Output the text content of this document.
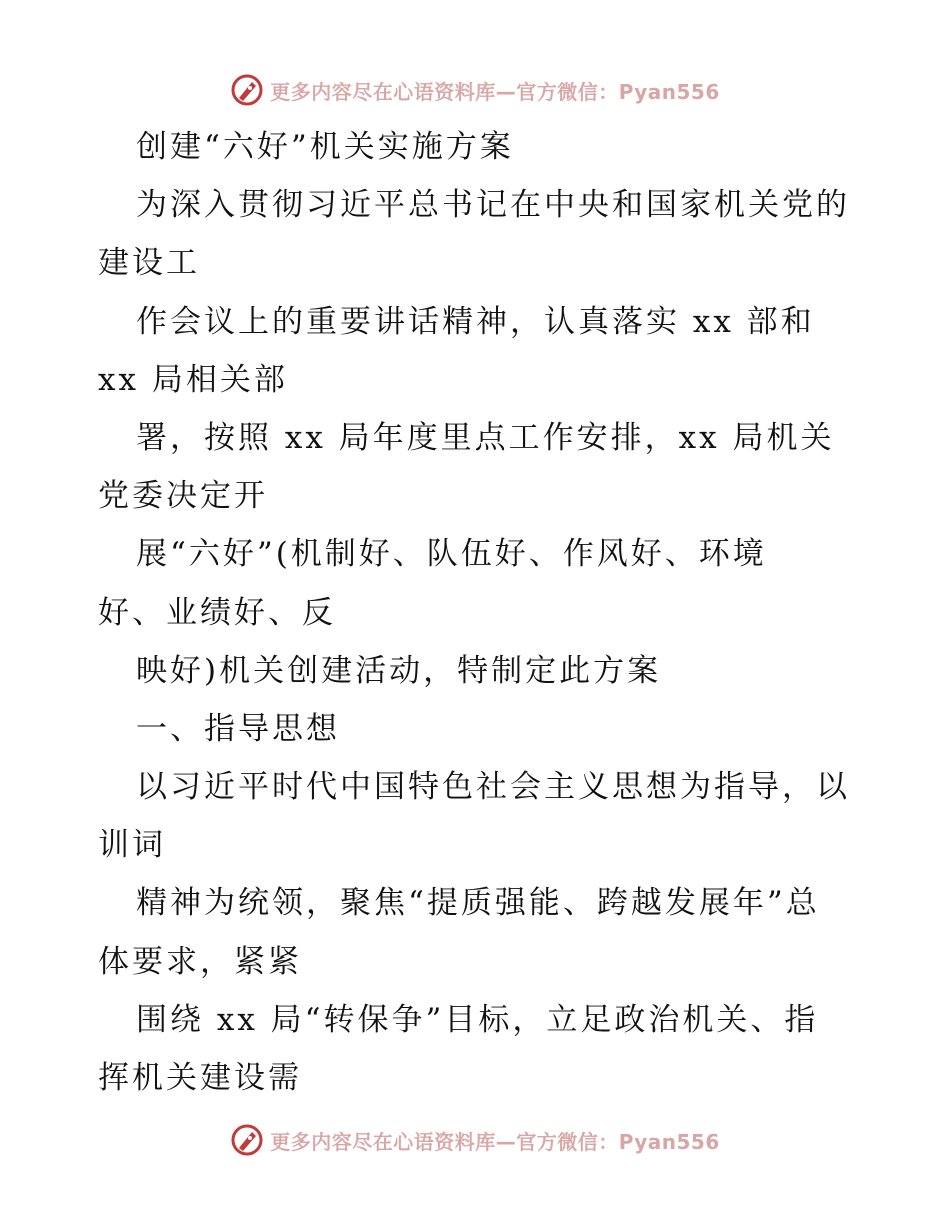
更多内容尽在心语资料库—官方微信：Pyan556
创建“六好”机关实施方案
为深入贯彻习近平总书记在中央和国家机关党的
建设工
作会议上的重要讲话精神，认真落实 xx 部和
xx 局相关部
署，按照 xx 局年度里点工作安排，xx 局机关
党委决定开
展“六好”(机制好、队伍好、作风好、环境
好、业绩好、反
映好)机关创建活动，特制定此方案
一、指导思想
以习近平时代中国特色社会主义思想为指导，以
训词
精神为统领，聚焦“提质强能、跨越发展年”总
体要求，紧紧
围绕 xx 局“转保争”目标，立足政治机关、指
挥机关建设需
更多内容尽在心语资料库—官方微信：Pyan556
